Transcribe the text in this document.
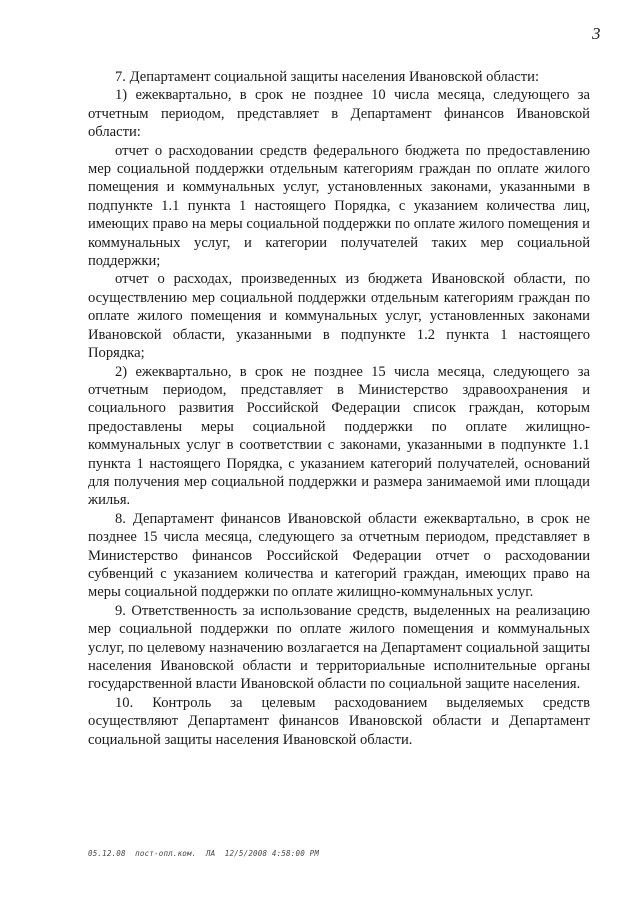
3

7. Департамент социальной защиты населения Ивановской области:

1) ежеквартально, в срок не позднее 10 числа месяца, следующего за отчетным периодом, представляет в Департамент финансов Ивановской области:

отчет о расходовании средств федерального бюджета по предоставлению мер социальной поддержки отдельным категориям граждан по оплате жилого помещения и коммунальных услуг, установленных законами, указанными в подпункте 1.1 пункта 1 настоящего Порядка, с указанием количества лиц, имеющих право на меры социальной поддержки по оплате жилого помещения и коммунальных услуг, и категории получателей таких мер социальной поддержки;

отчет о расходах, произведенных из бюджета Ивановской области, по осуществлению мер социальной поддержки отдельным категориям граждан по оплате жилого помещения и коммунальных услуг, установленных законами Ивановской области, указанными в подпункте 1.2 пункта 1 настоящего Порядка;

2) ежеквартально, в срок не позднее 15 числа месяца, следующего за отчетным периодом, представляет в Министерство здравоохранения и социального развития Российской Федерации список граждан, которым предоставлены меры социальной поддержки по оплате жилищно-коммунальных услуг в соответствии с законами, указанными в подпункте 1.1 пункта 1 настоящего Порядка, с указанием категорий получателей, оснований для получения мер социальной поддержки и размера занимаемой ими площади жилья.

8. Департамент финансов Ивановской области ежеквартально, в срок не позднее 15 числа месяца, следующего за отчетным периодом, представляет в Министерство финансов Российской Федерации отчет о расходовании субвенций с указанием количества и категорий граждан, имеющих право на меры социальной поддержки по оплате жилищно-коммунальных услуг.

9. Ответственность за использование средств, выделенных на реализацию мер социальной поддержки по оплате жилого помещения и коммунальных услуг, по целевому назначению возлагается на Департамент социальной защиты населения Ивановской области и территориальные исполнительные органы государственной власти Ивановской области по социальной защите населения.

10. Контроль за целевым расходованием выделяемых средств осуществляют Департамент финансов Ивановской области и Департамент социальной защиты населения Ивановской области.

05.12.08  пост-опл.ком.  ЛА  12/5/2008 4:58:00 PM
